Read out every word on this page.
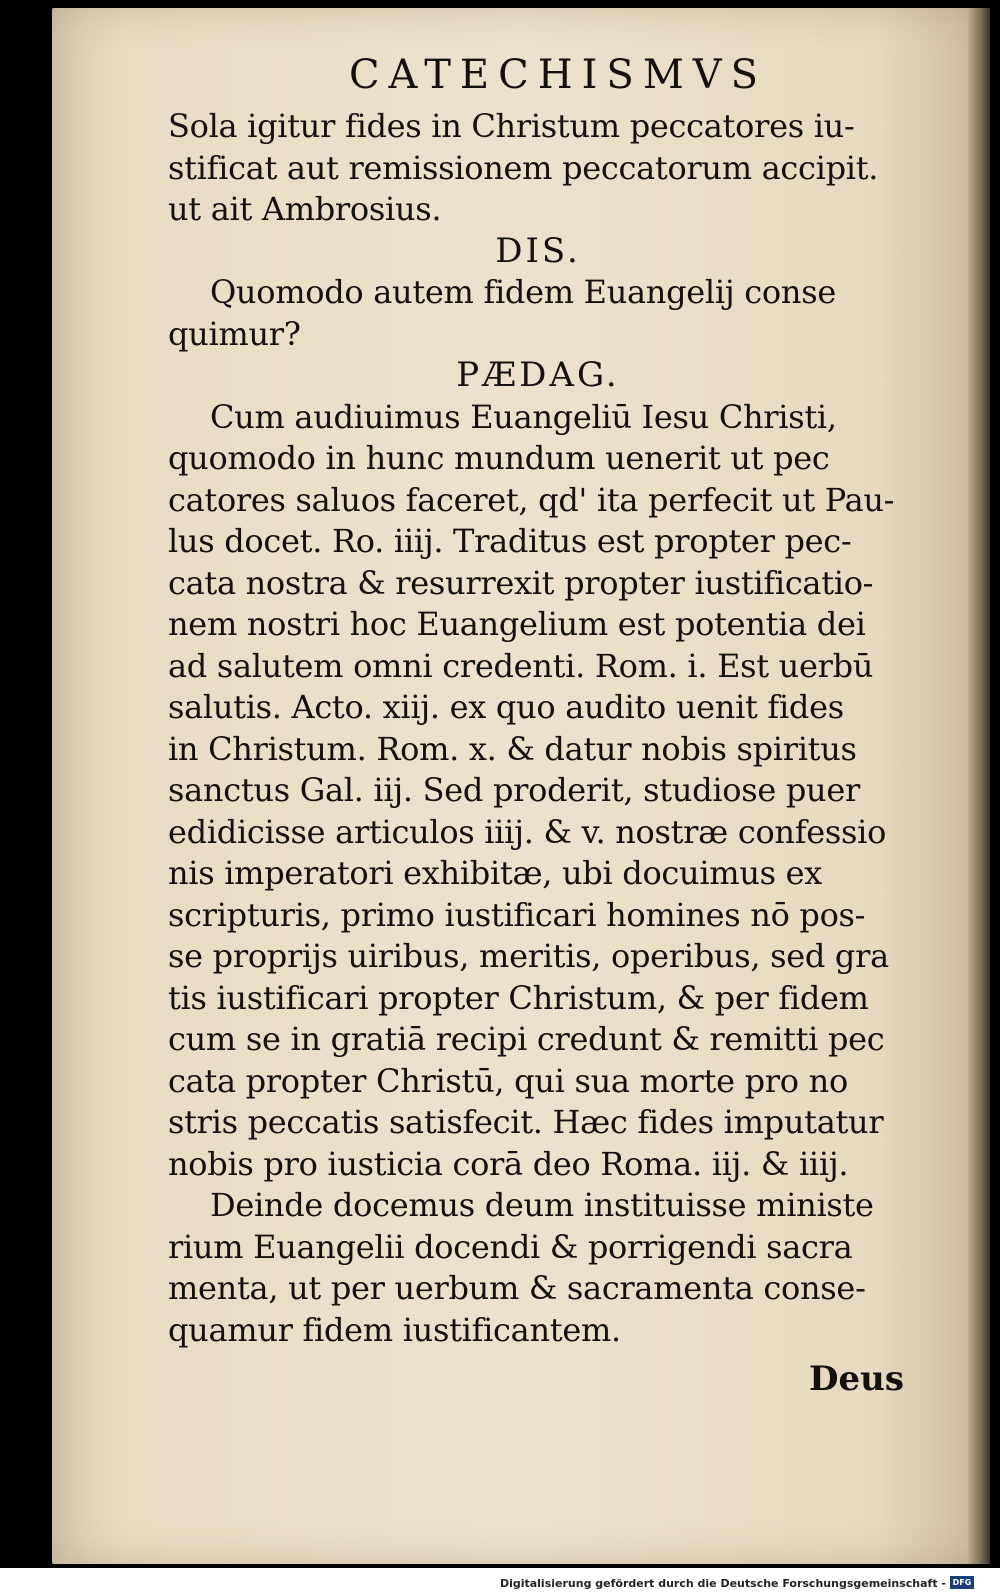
CATECHISMVS
Sola igitur fides in Christum peccatores iu-
stificat aut remissionem peccatorum accipit.
ut ait Ambrosius.
DIS.
Quomodo autem fidem Euangelij conse
quimur?
PÆDAG.
Cum audiuimus Euangeliū Iesu Christi,
quomodo in hunc mundum uenerit ut pec
catores saluos faceret, qd' ita perfecit ut Pau-
lus docet. Ro. iiij. Traditus est propter pec-
cata nostra & resurrexit propter iustificatio-
nem nostri hoc Euangelium est potentia dei
ad salutem omni credenti. Rom. i. Est uerbū
salutis. Acto. xiij. ex quo audito uenit fides
in Christum. Rom. x. & datur nobis spiritus
sanctus Gal. iij. Sed proderit, studiose puer
edidicisse articulos iiij. & v. nostræ confessio
nis imperatori exhibitæ, ubi docuimus ex
scripturis, primo iustificari homines nō pos-
se proprijs uiribus, meritis, operibus, sed gra
tis iustificari propter Christum, & per fidem
cum se in gratiā recipi credunt & remitti pec
cata propter Christū, qui sua morte pro no
stris peccatis satisfecit. Hæc fides imputatur
nobis pro iusticia corā deo Roma. iij. & iiij.
Deinde docemus deum instituisse ministe
rium Euangelii docendi & porrigendi sacra
menta, ut per uerbum & sacramenta conse-
quamur fidem iustificantem.
Deus
Digitalisierung gefördert durch die Deutsche Forschungsgemeinschaft - DFG
